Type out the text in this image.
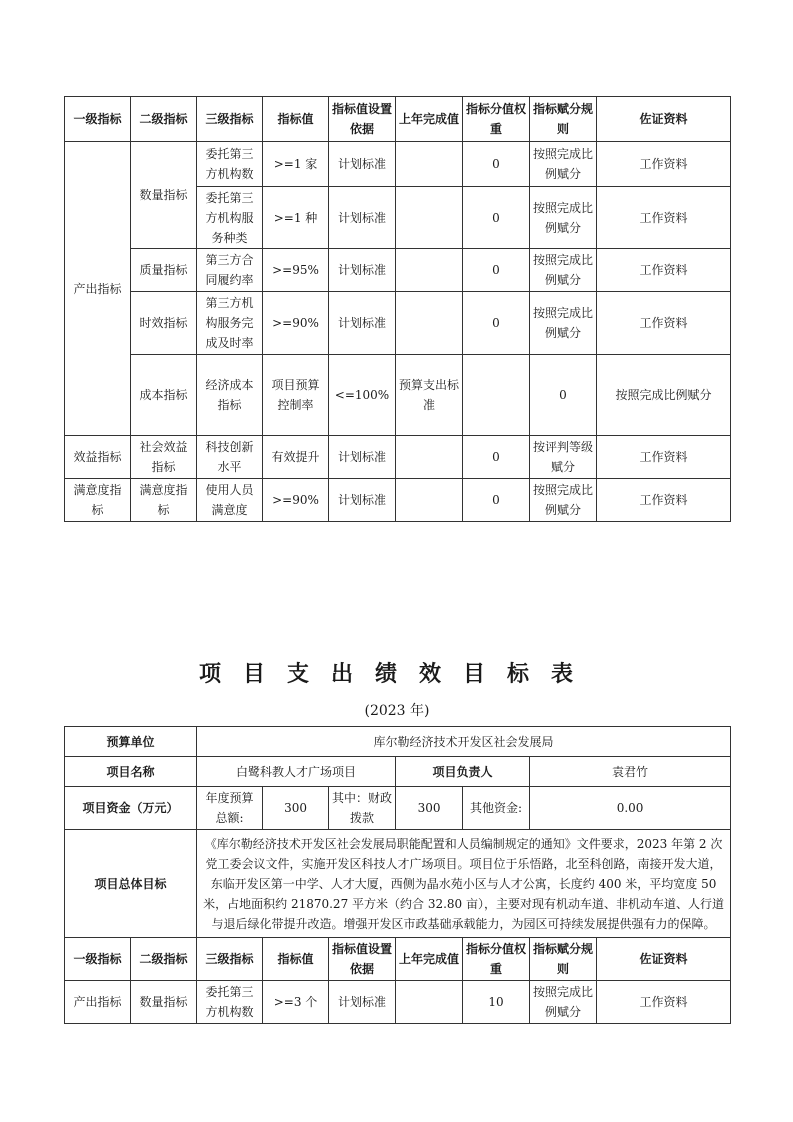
一级指标	二级指标	三级指标	指标值	指标值设置依据	上年完成值	指标分值权重	指标赋分规则	佐证资料	
产出指标	数量指标	委托第三方机构数	>=1 家	计划标准		0	按照完成比例赋分	工作资料	
		委托第三方机构服务种类	>=1 种	计划标准		0	按照完成比例赋分	工作资料	
	质量指标	第三方合同履约率	>=95%	计划标准		0	按照完成比例赋分	工作资料	
	时效指标	第三方机构服务完成及时率	>=90%	计划标准		0	按照完成比例赋分	工作资料	
	成本指标	经济成本指标	项目预算控制率	<=100%	预算支出标准		0	按照完成比例赋分	
效益指标	社会效益指标	科技创新水平	有效提升	计划标准		0	按评判等级赋分	工作资料	
满意度指标	满意度指标	使用人员满意度	>=90%	计划标准		0	按照完成比例赋分	工作资料	
项目支出绩效目标表
(2023 年)
预算单位		库尔勒经济技术开发区社会发展局						
项目名称		白鹭科教人才广场项目			项目负责人		袁君竹	
项目资金（万元）		年度预算总额:	300	其中：财政拨款	300	其他资金:	0.00	
项目总体目标		《库尔勒经济技术开发区社会发展局职能配置和人员编制规定的通知》文件要求，2023 年第 2 次党工委会议文件，实施开发区科技人才广场项目。项目位于乐悟路，北至科创路，南接开发大道，东临开发区第一中学、人才大厦，西侧为晶水苑小区与人才公寓，长度约 400 米，平均宽度 50 米，占地面积约 21870.27 平方米（约合 32.80 亩），主要对现有机动车道、非机动车道、人行道与退后绿化带提升改造。增强开发区市政基础承载能力，为园区可持续发展提供强有力的保障。						
一级指标	二级指标	三级指标	指标值	指标值设置依据	上年完成值	指标分值权重	指标赋分规则	佐证资料
产出指标	数量指标	委托第三方机构数	>=3 个	计划标准		10	按照完成比例赋分	工作资料
